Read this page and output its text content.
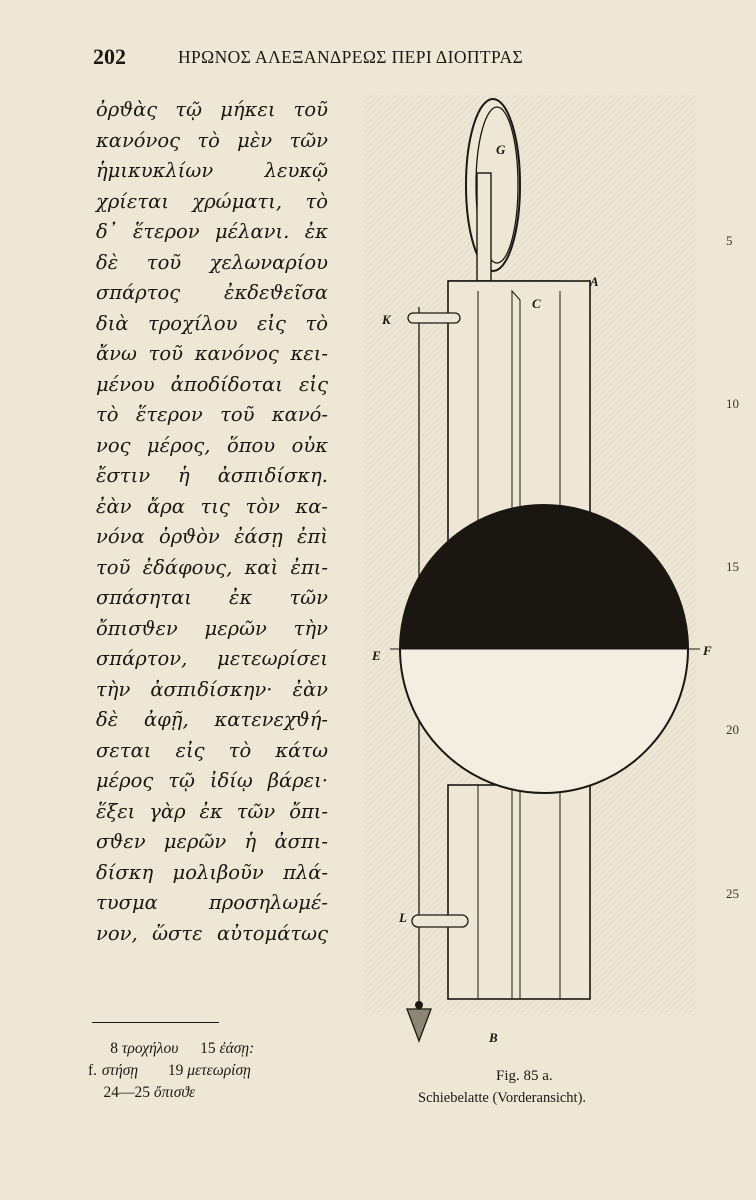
202	ΗΡΩΝΟΣ ΑΛΕΞΑΝΔΡΕΩΣ ΠΕΡΙ ΔΙΟΠΤΡΑΣ
ὀρϑὰς τῷ μήκει τοῦ
κανόνος τὸ μὲν τῶν
ἡμικυκλίων λευκῷ
χρίεται χρώματι, τὸ
δ᾽ ἕτερον μέλανι. ἐκ
δὲ τοῦ χελωναρίου
σπάρτος ἐκδεϑεῖσα
διὰ τροχίλου εἰς τὸ
ἄνω τοῦ κανόνος κει-
μένου ἀποδίδοται εἰς
τὸ ἕτερον τοῦ κανό-
νος μέρος, ὅπου οὐκ
ἔστιν ἡ ἀσπιδίσκη.
ἐὰν ἄρα τις τὸν κα-
νόνα ὀρϑὸν ἐάσῃ ἐπὶ
τοῦ ἐδάφους, καὶ ἐπι-
σπάσηται ἐκ τῶν
ὄπισϑεν μερῶν τὴν
σπάρτον, μετεωρίσει
τὴν ἀσπιδίσκην· ἐὰν
δὲ ἀφῇ, κατενεχϑή-
σεται εἰς τὸ κάτω
μέρος τῷ ἰδίῳ βάρει·
ἕξει γὰρ ἐκ τῶν ὄπι-
σϑεν μερῶν ἡ ἀσπι-
δίσκη μολιβοῦν πλά-
τυσμα προσηλωμέ-
νον, ὥστε αὐτομάτως
8 τροχήλου 15 ἐάσῃ:
f. στήσῃ 19 μετεωρίσῃ
24—25 ὄπισϑε
G
A
C
K
E	F
L
B
Fig. 85 a.
Schiebelatte (Vorderansicht).
5
10
15
20
25
